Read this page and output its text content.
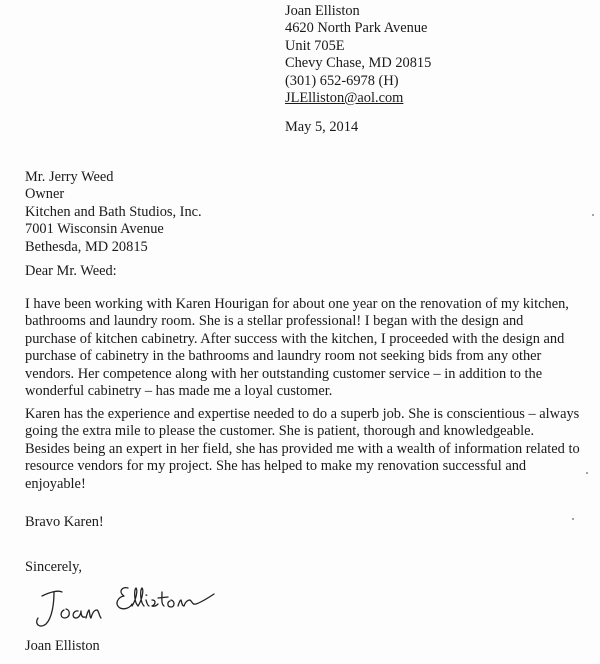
Joan Elliston
4620 North Park Avenue
Unit 705E
Chevy Chase, MD 20815
(301) 652-6978 (H)
JLElliston@aol.com
May 5, 2014
Mr. Jerry Weed
Owner
Kitchen and Bath Studios, Inc.
7001 Wisconsin Avenue
Bethesda, MD 20815
Dear Mr. Weed:
I have been working with Karen Hourigan for about one year on the renovation of my kitchen,
bathrooms and laundry room. She is a stellar professional! I began with the design and
purchase of kitchen cabinetry. After success with the kitchen, I proceeded with the design and
purchase of cabinetry in the bathrooms and laundry room not seeking bids from any other
vendors. Her competence along with her outstanding customer service – in addition to the
wonderful cabinetry – has made me a loyal customer.
Karen has the experience and expertise needed to do a superb job. She is conscientious – always
going the extra mile to please the customer. She is patient, thorough and knowledgeable.
Besides being an expert in her field, she has provided me with a wealth of information related to
resource vendors for my project. She has helped to make my renovation successful and
enjoyable!
Bravo Karen!
Sincerely,
Joan Elliston
